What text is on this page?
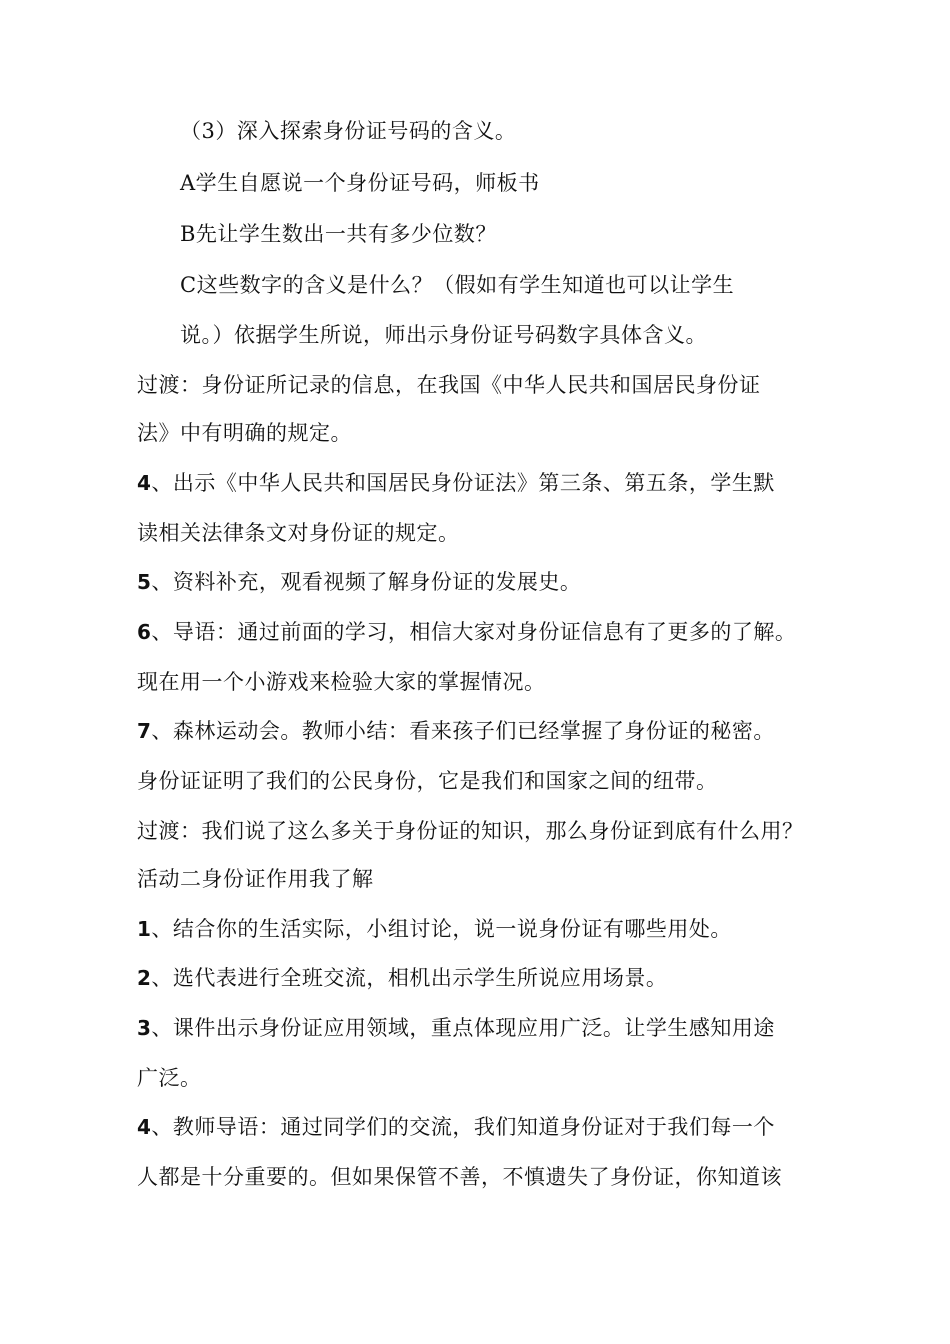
（3）深入探索身份证号码的含义。
A学生自愿说一个身份证号码，师板书
B先让学生数出一共有多少位数？
C这些数字的含义是什么？（假如有学生知道也可以让学生
说。）依据学生所说，师出示身份证号码数字具体含义。
过渡：身份证所记录的信息，在我国《中华人民共和国居民身份证
法》中有明确的规定。
4、出示《中华人民共和国居民身份证法》第三条、第五条，学生默
读相关法律条文对身份证的规定。
5、资料补充，观看视频了解身份证的发展史。
6、导语：通过前面的学习，相信大家对身份证信息有了更多的了解。
现在用一个小游戏来检验大家的掌握情况。
7、森林运动会。教师小结：看来孩子们已经掌握了身份证的秘密。
身份证证明了我们的公民身份，它是我们和国家之间的纽带。
过渡：我们说了这么多关于身份证的知识，那么身份证到底有什么用？
活动二身份证作用我了解
1、结合你的生活实际，小组讨论，说一说身份证有哪些用处。
2、选代表进行全班交流，相机出示学生所说应用场景。
3、课件出示身份证应用领域，重点体现应用广泛。让学生感知用途
广泛。
4、教师导语：通过同学们的交流，我们知道身份证对于我们每一个
人都是十分重要的。但如果保管不善，不慎遗失了身份证，你知道该
